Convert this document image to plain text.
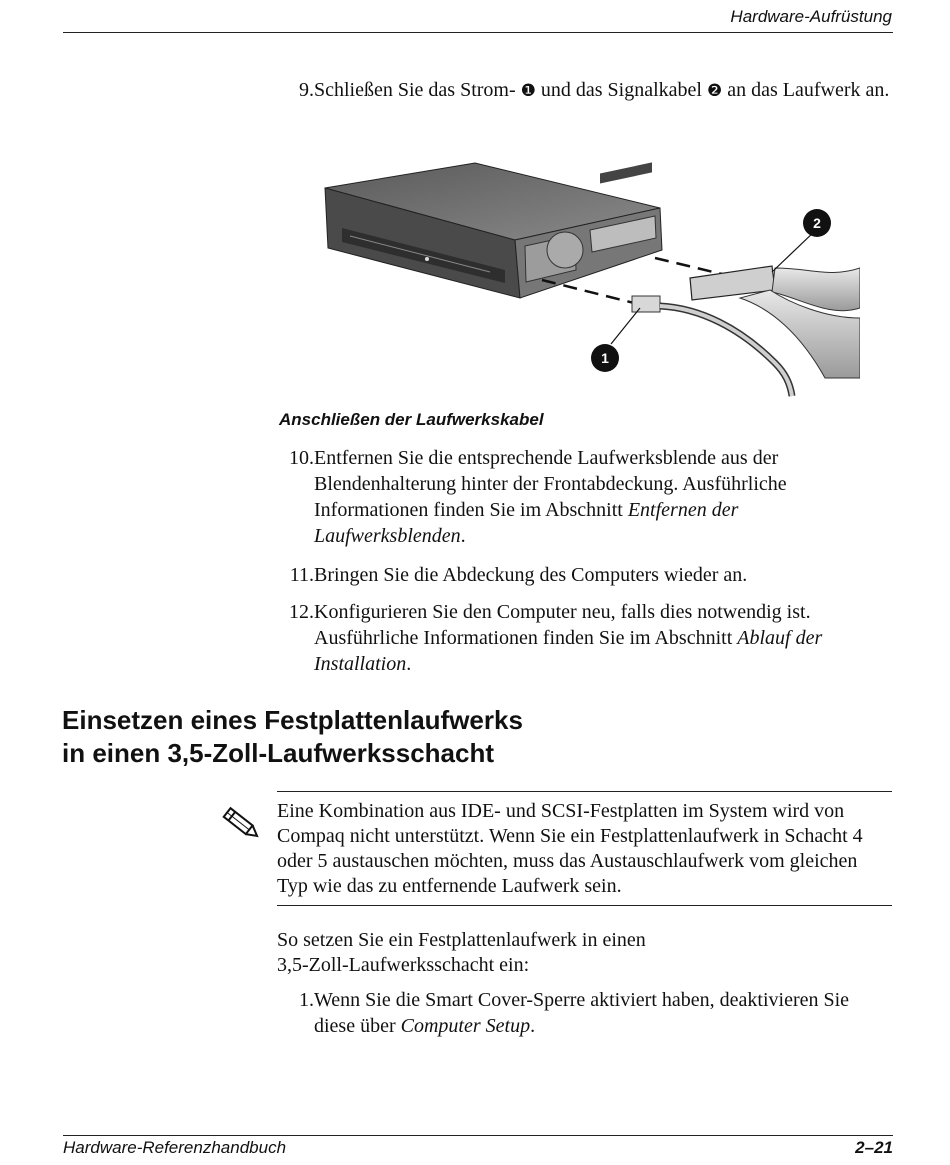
Hardware-Aufrüstung
9. Schließen Sie das Strom- ❶ und das Signalkabel ❷ an das Laufwerk an.
2
1
Anschließen der Laufwerkskabel
10. Entfernen Sie die entsprechende Laufwerksblende aus der Blendenhalterung hinter der Frontabdeckung. Ausführliche Informationen finden Sie im Abschnitt Entfernen der Laufwerksblenden.
11. Bringen Sie die Abdeckung des Computers wieder an.
12. Konfigurieren Sie den Computer neu, falls dies notwendig ist. Ausführliche Informationen finden Sie im Abschnitt Ablauf der Installation.
Einsetzen eines Festplattenlaufwerks
in einen 3,5-Zoll-Laufwerksschacht
Eine Kombination aus IDE- und SCSI-Festplatten im System wird von Compaq nicht unterstützt. Wenn Sie ein Festplattenlaufwerk in Schacht 4 oder 5 austauschen möchten, muss das Austauschlaufwerk vom gleichen Typ wie das zu entfernende Laufwerk sein.
So setzen Sie ein Festplattenlaufwerk in einen
3,5-Zoll-Laufwerksschacht ein:
1. Wenn Sie die Smart Cover-Sperre aktiviert haben, deaktivieren Sie diese über Computer Setup.
Hardware-Referenzhandbuch	2–21
